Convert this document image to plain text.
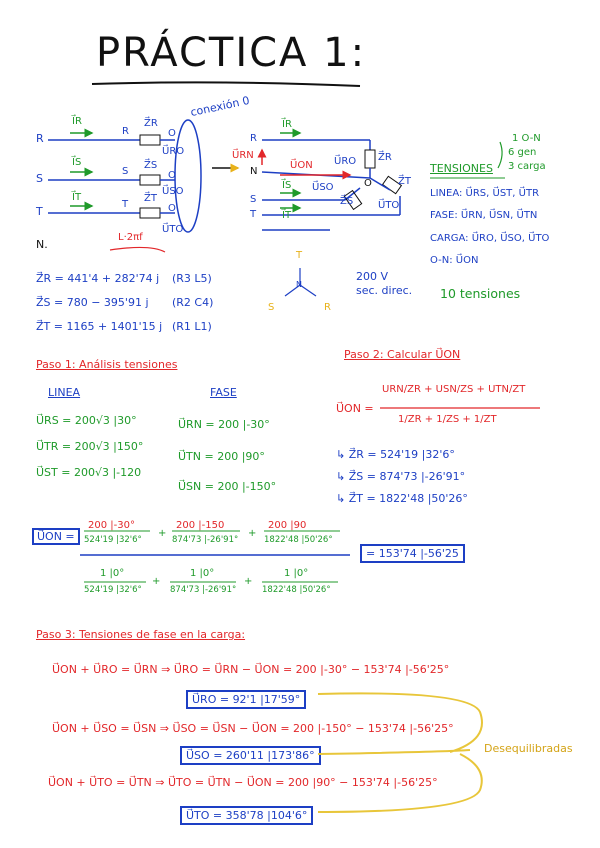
PRÁCTICA 1:
R
S
T
N.
I⃗R
I⃗S
I⃗T
R
S
T
Z⃗R
Z⃗S
Z⃗T
U⃗RO
U⃗SO
U⃗TO
O
O
O
conexión 0
R
N
S
T
I⃗R
I⃗S
I⃗T
U⃗RN
U⃗ON U⃗RO
U⃗SO
U⃗TO
Z⃗R
Z⃗S
Z⃗T
O
1 O-N
6 gen
3 carga
TENSIONES
LINEA: U⃗RS, U⃗ST, U⃗TR
FASE: U⃗RN, U⃗SN, U⃗TN
CARGA: U⃗RO, U⃗SO, U⃗TO
O-N: U⃗ON
10 tensiones
L·2πf
Z⃗R = 441'4 + 282'74 j (R3 L5)
Z⃗S = 780 − 395'91 j (R2 C4)
Z⃗T = 1165 + 1401'15 j (R1 L1)
T
S	R
N
200 V
sec. direc.
Paso 1: Análisis tensiones
LINEA	FASE
U⃗RS = 200√3 |30°
U⃗TR = 200√3 |150°
U⃗ST = 200√3 |-120
U⃗RN = 200 |-30°
U⃗TN = 200 |90°
U⃗SN = 200 |-150°
Paso 2: Calcular U⃗ON
U⃗ON =
URN/ZR + USN/ZS + UTN/ZT
1/ZR + 1/ZS + 1/ZT
↳ Z⃗R = 524'19 |32'6°
↳ Z⃗S = 874'73 |-26'91°
↳ Z⃗T = 1822'48 |50'26°
U⃗ON =
200 |-30°
524'19 |32'6°
+
200 |-150
874'73 |-26'91°
+
200 |90
1822'48 |50'26°
1 |0°
524'19 |32'6°
+
1 |0°
874'73 |-26'91°
+
1 |0°
1822'48 |50'26°
= 153'74 |-56'25
Paso 3: Tensiones de fase en la carga:
U⃗ON + U⃗RO = U⃗RN ⇒ U⃗RO = U⃗RN − U⃗ON = 200 |-30° − 153'74 |-56'25°
U⃗RO = 92'1 |17'59°
U⃗ON + U⃗SO = U⃗SN ⇒ U⃗SO = U⃗SN − U⃗ON = 200 |-150° − 153'74 |-56'25°
U⃗SO = 260'11 |173'86°
U⃗ON + U⃗TO = U⃗TN ⇒ U⃗TO = U⃗TN − U⃗ON = 200 |90° − 153'74 |-56'25°
U⃗TO = 358'78 |104'6°
Desequilibradas
